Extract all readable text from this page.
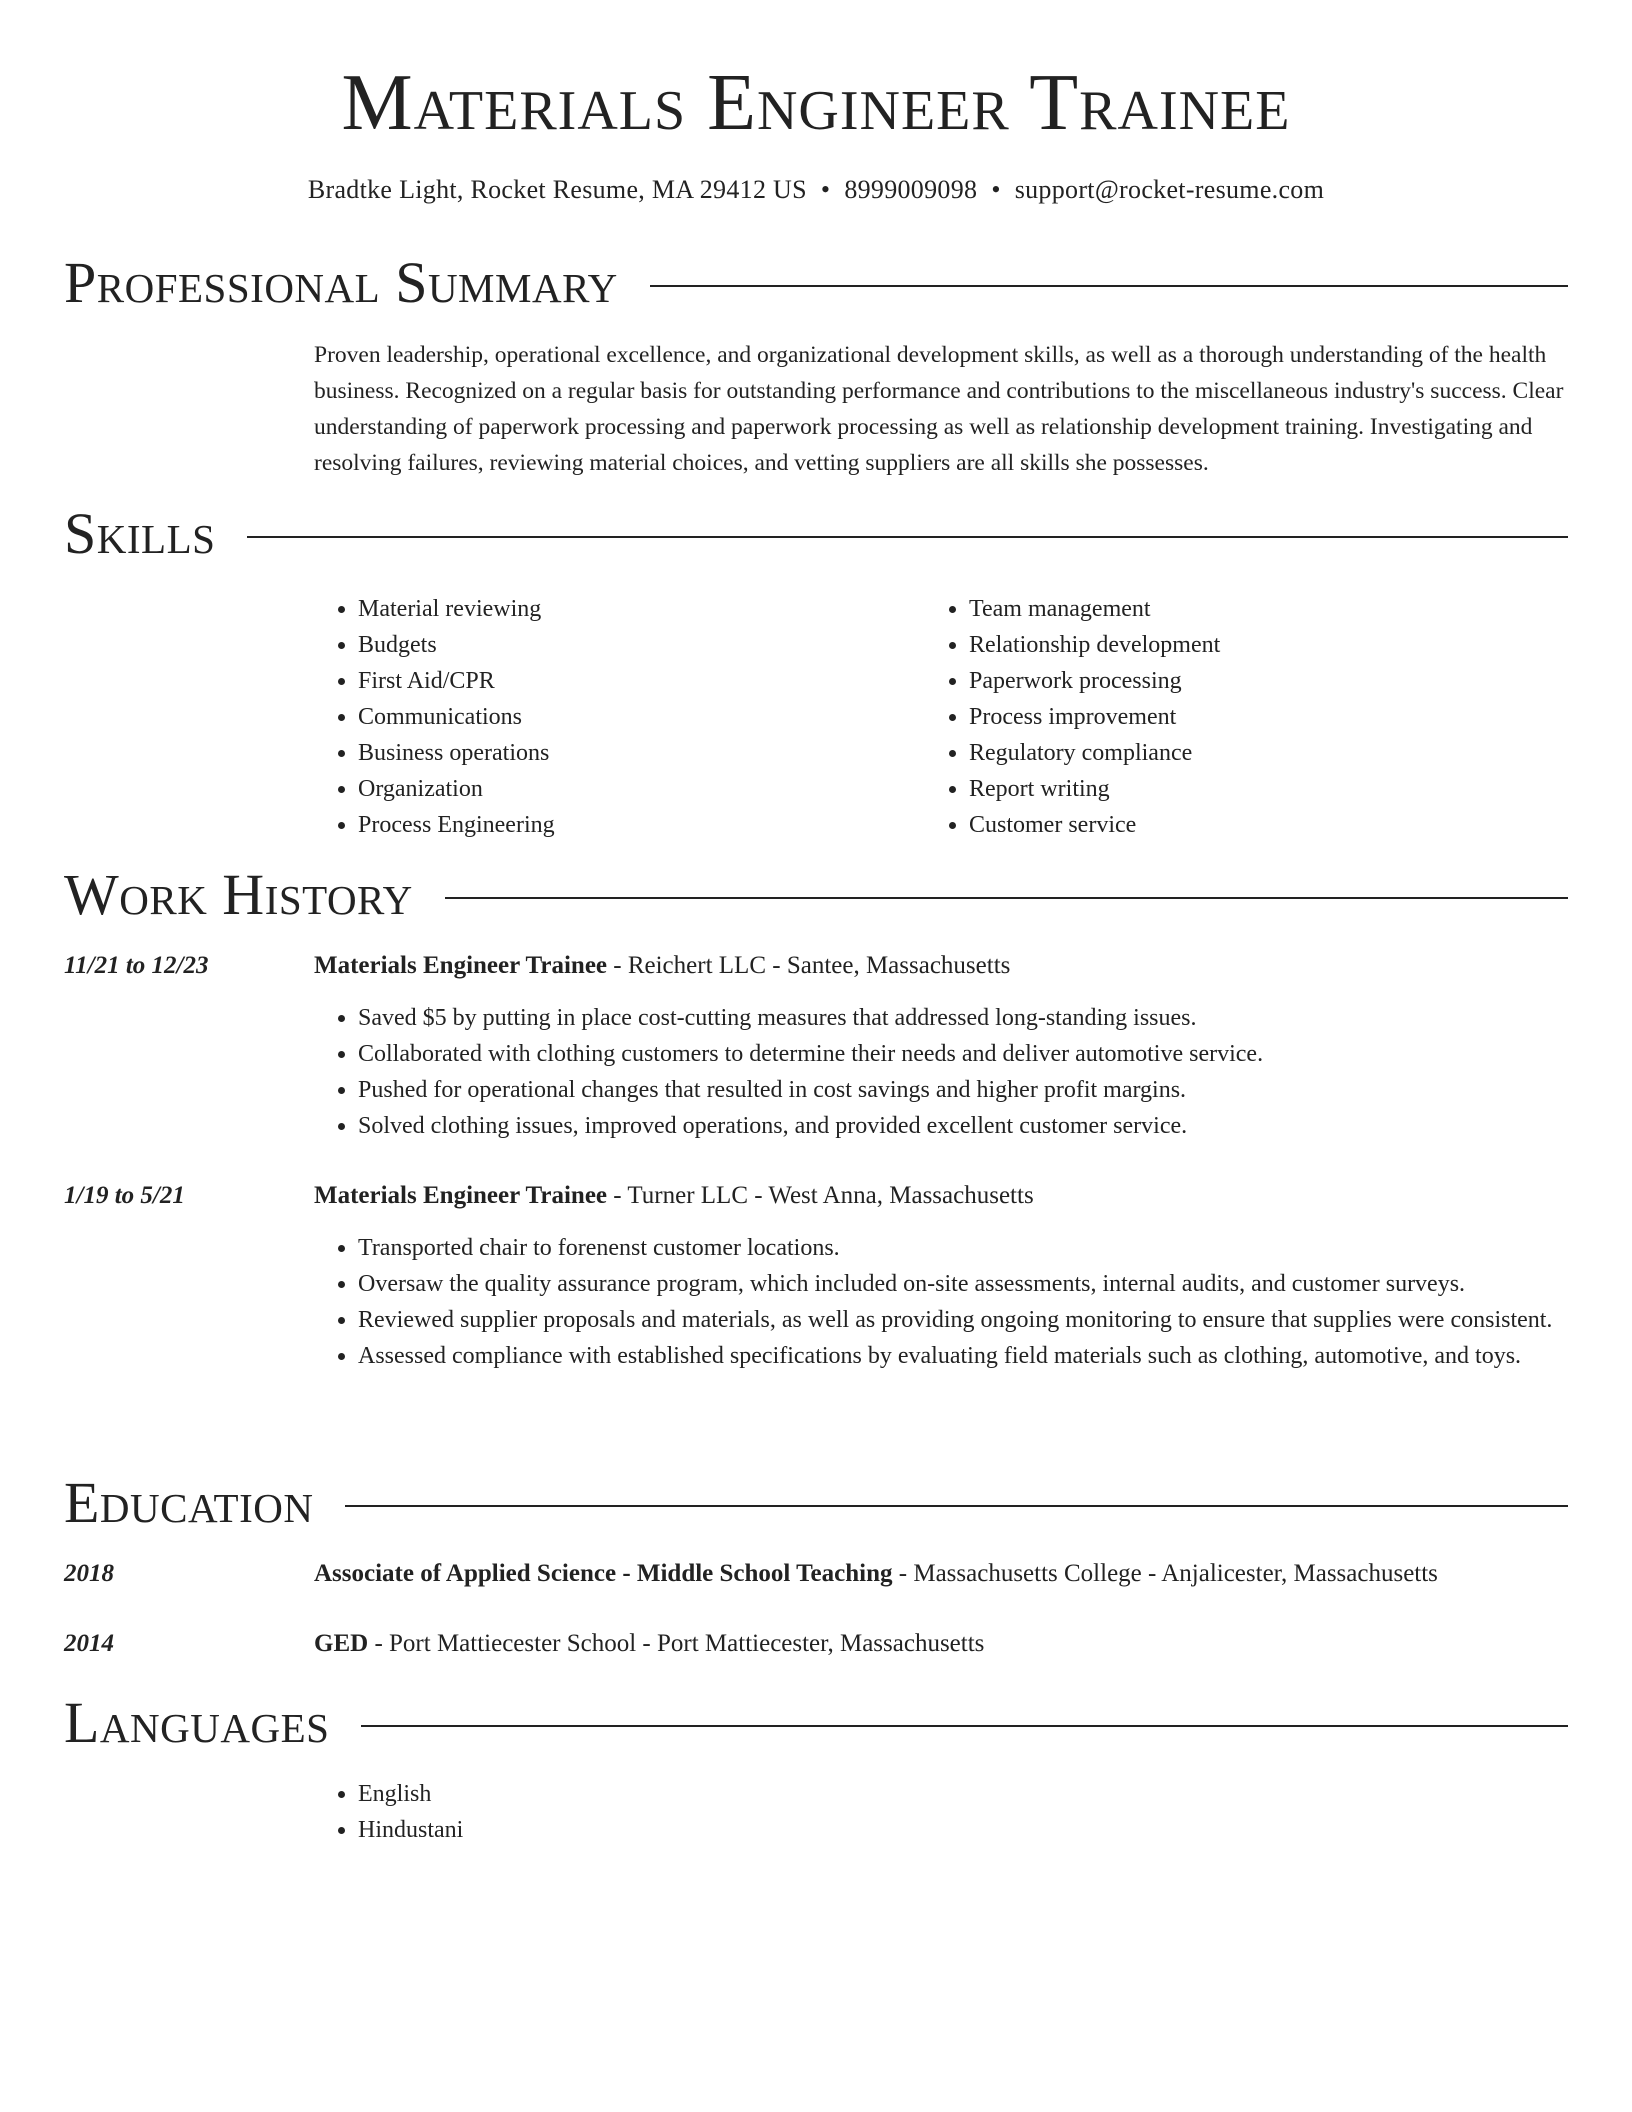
Materials Engineer Trainee
Bradtke Light, Rocket Resume, MA 29412 US • 8999009098 • support@rocket-resume.com
Professional Summary

Proven leadership, operational excellence, and organizational development skills, as well as a thorough understanding of the health business. Recognized on a regular basis for outstanding performance and contributions to the miscellaneous industry's success. Clear understanding of paperwork processing and paperwork processing as well as relationship development training. Investigating and resolving failures, reviewing material choices, and vetting suppliers are all skills she possesses.

Skills
• Material reviewing
• Budgets
• First Aid/CPR
• Communications
• Business operations
• Organization
• Process Engineering
• Team management
• Relationship development
• Paperwork processing
• Process improvement
• Regulatory compliance
• Report writing
• Customer service
Work History
11/21 to 12/23	Materials Engineer Trainee - Reichert LLC - Santee, Massachusetts
• Saved $5 by putting in place cost-cutting measures that addressed long-standing issues.
• Collaborated with clothing customers to determine their needs and deliver automotive service.
• Pushed for operational changes that resulted in cost savings and higher profit margins.
• Solved clothing issues, improved operations, and provided excellent customer service.
1/19 to 5/21	Materials Engineer Trainee - Turner LLC - West Anna, Massachusetts
• Transported chair to forenenst customer locations.
• Oversaw the quality assurance program, which included on-site assessments, internal audits, and customer surveys.
• Reviewed supplier proposals and materials, as well as providing ongoing monitoring to ensure that supplies were consistent.
• Assessed compliance with established specifications by evaluating field materials such as clothing, automotive, and toys.
Education
2018	Associate of Applied Science - Middle School Teaching - Massachusetts College - Anjalicester, Massachusetts
2014	GED - Port Mattiecester School - Port Mattiecester, Massachusetts
Languages
• English
• Hindustani
